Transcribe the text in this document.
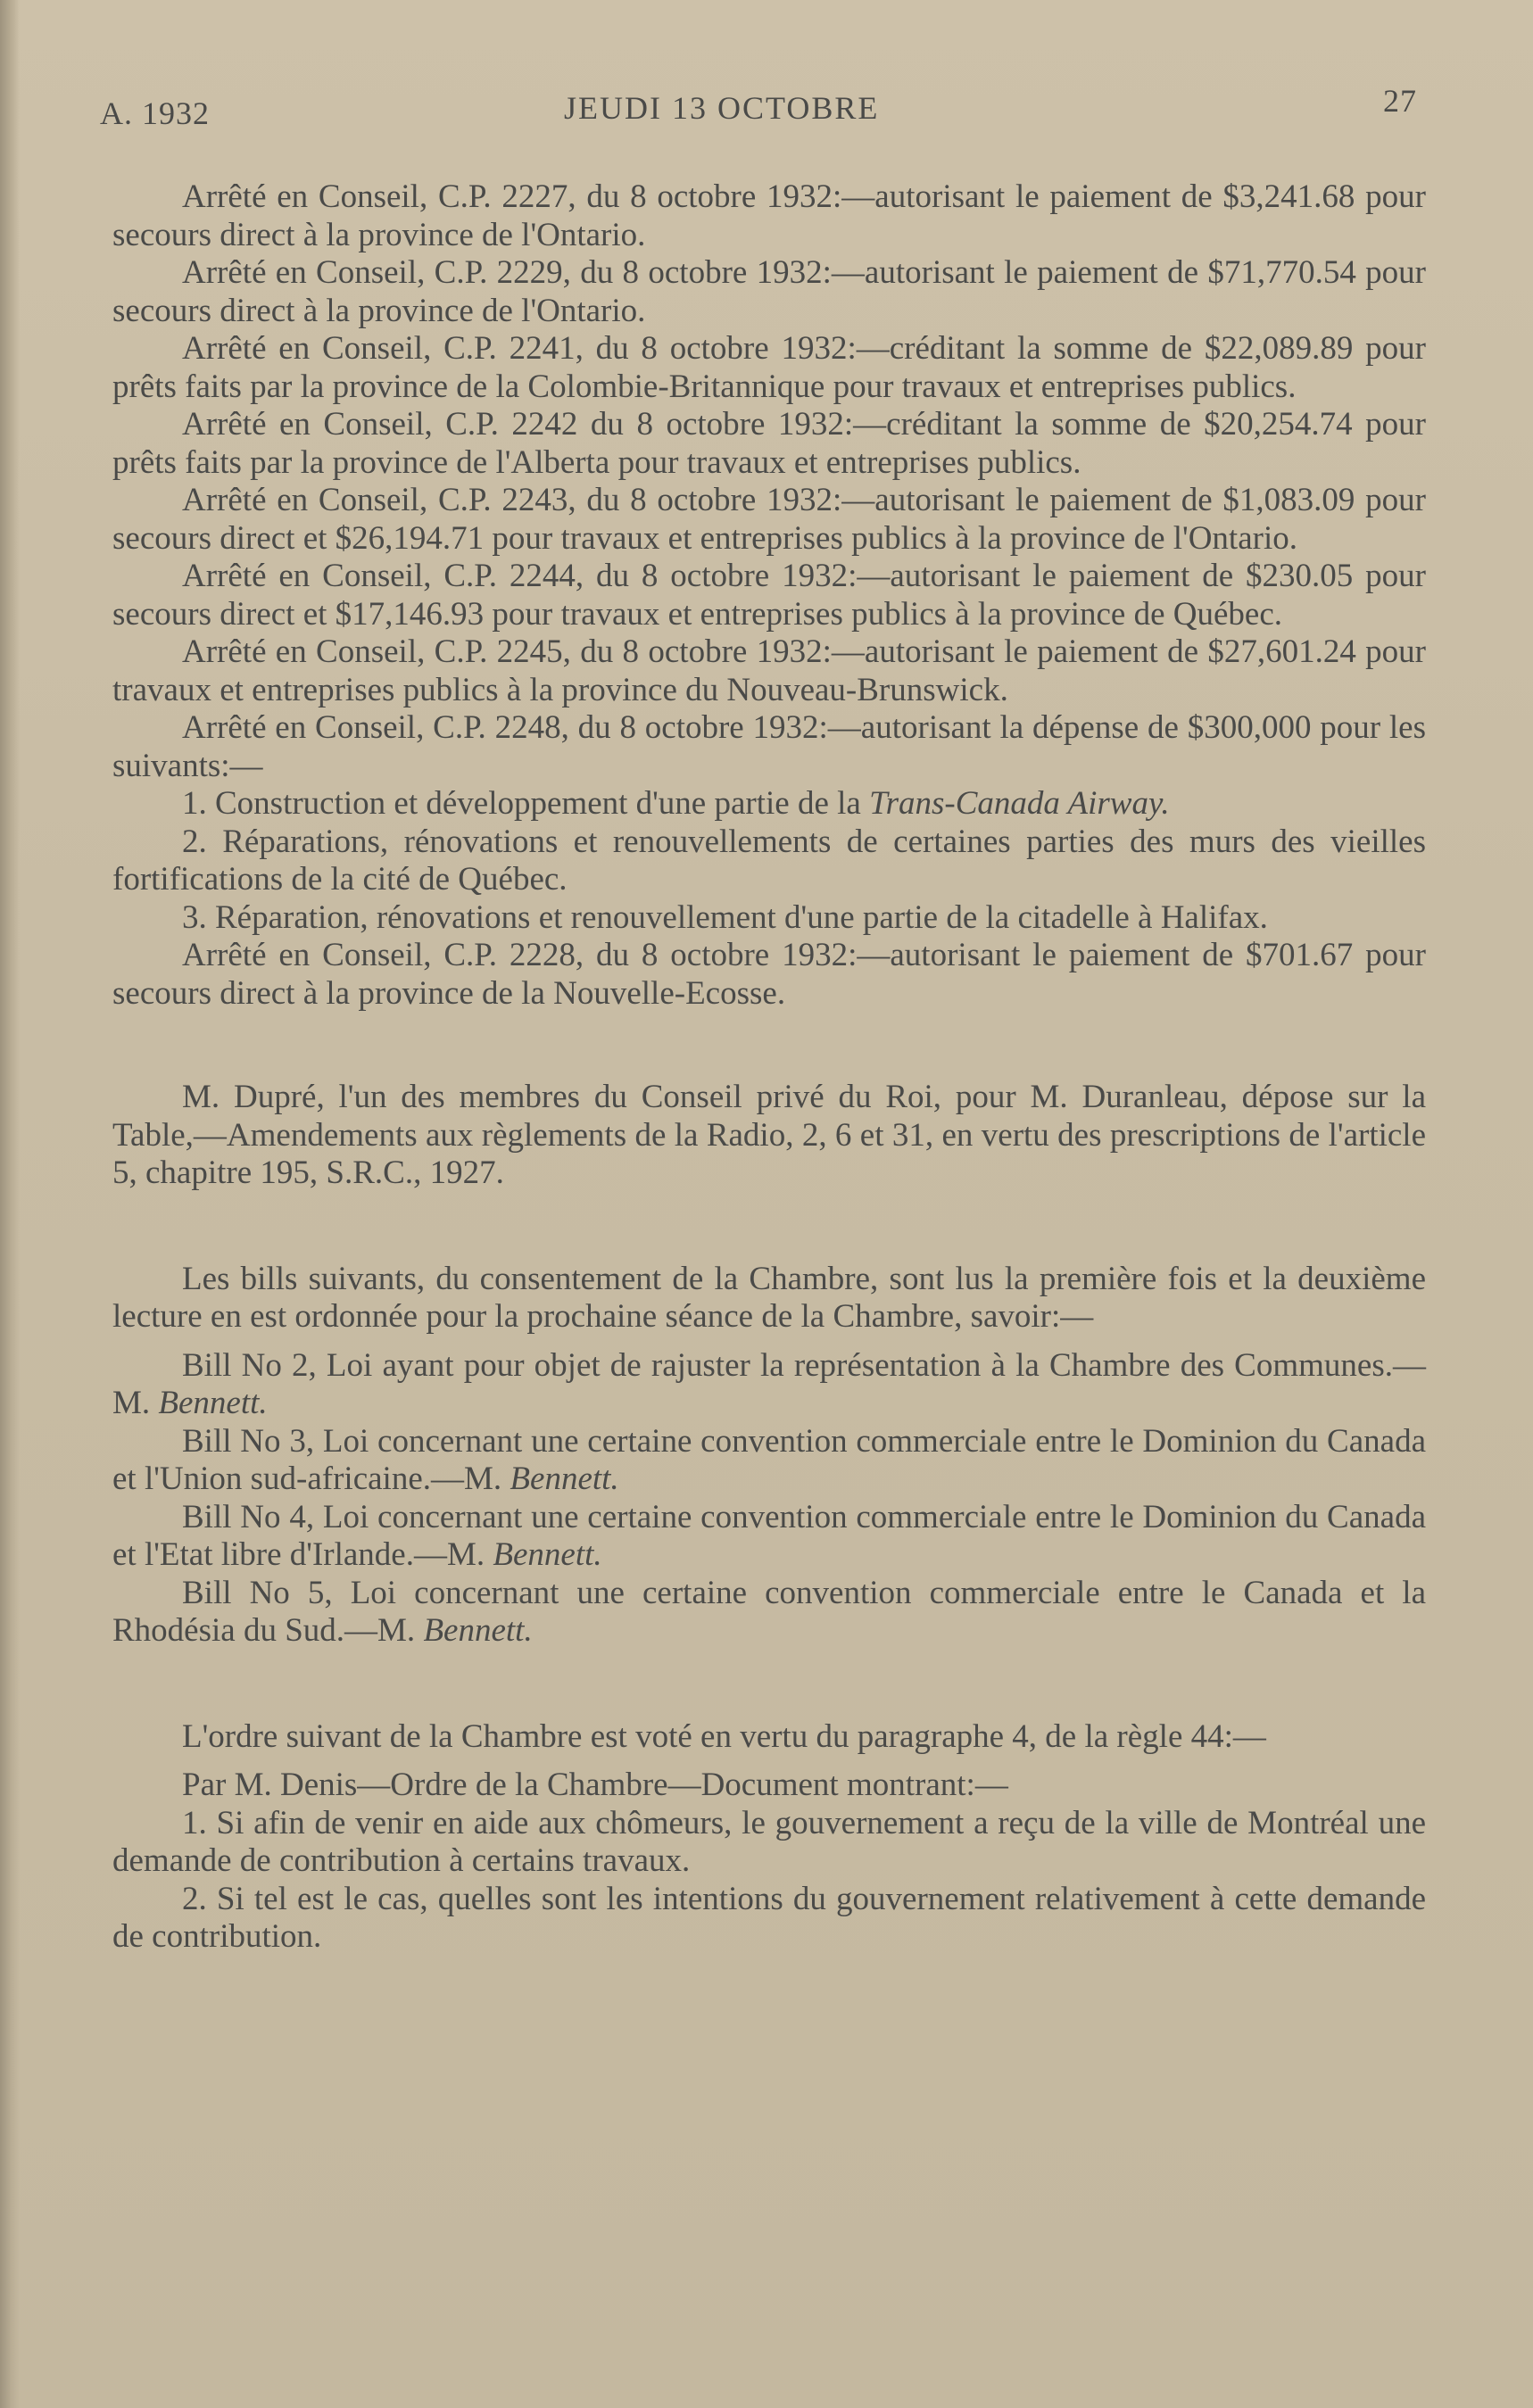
A. 1932	JEUDI 13 OCTOBRE	27

Arrêté en Conseil, C.P. 2227, du 8 octobre 1932:—autorisant le paiement de $3,241.68 pour secours direct à la province de l'Ontario.

Arrêté en Conseil, C.P. 2229, du 8 octobre 1932:—autorisant le paiement de $71,770.54 pour secours direct à la province de l'Ontario.

Arrêté en Conseil, C.P. 2241, du 8 octobre 1932:—créditant la somme de $22,089.89 pour prêts faits par la province de la Colombie-Britannique pour travaux et entreprises publics.

Arrêté en Conseil, C.P. 2242 du 8 octobre 1932:—créditant la somme de $20,254.74 pour prêts faits par la province de l'Alberta pour travaux et entreprises publics.

Arrêté en Conseil, C.P. 2243, du 8 octobre 1932:—autorisant le paiement de $1,083.09 pour secours direct et $26,194.71 pour travaux et entreprises publics à la province de l'Ontario.

Arrêté en Conseil, C.P. 2244, du 8 octobre 1932:—autorisant le paiement de $230.05 pour secours direct et $17,146.93 pour travaux et entreprises publics à la province de Québec.

Arrêté en Conseil, C.P. 2245, du 8 octobre 1932:—autorisant le paiement de $27,601.24 pour travaux et entreprises publics à la province du Nouveau-Brunswick.

Arrêté en Conseil, C.P. 2248, du 8 octobre 1932:—autorisant la dépense de $300,000 pour les suivants:—

1. Construction et développement d'une partie de la Trans-Canada Airway.

2. Réparations, rénovations et renouvellements de certaines parties des murs des vieilles fortifications de la cité de Québec.

3. Réparation, rénovations et renouvellement d'une partie de la citadelle à Halifax.

Arrêté en Conseil, C.P. 2228, du 8 octobre 1932:—autorisant le paiement de $701.67 pour secours direct à la province de la Nouvelle-Ecosse.

M. Dupré, l'un des membres du Conseil privé du Roi, pour M. Duranleau, dépose sur la Table,—Amendements aux règlements de la Radio, 2, 6 et 31, en vertu des prescriptions de l'article 5, chapitre 195, S.R.C., 1927.

Les bills suivants, du consentement de la Chambre, sont lus la première fois et la deuxième lecture en est ordonnée pour la prochaine séance de la Chambre, savoir:—

Bill No 2, Loi ayant pour objet de rajuster la représentation à la Chambre des Communes.—M. Bennett.

Bill No 3, Loi concernant une certaine convention commerciale entre le Dominion du Canada et l'Union sud-africaine.—M. Bennett.

Bill No 4, Loi concernant une certaine convention commerciale entre le Dominion du Canada et l'Etat libre d'Irlande.—M. Bennett.

Bill No 5, Loi concernant une certaine convention commerciale entre le Canada et la Rhodésia du Sud.—M. Bennett.

L'ordre suivant de la Chambre est voté en vertu du paragraphe 4, de la règle 44:—

Par M. Denis—Ordre de la Chambre—Document montrant:—

1. Si afin de venir en aide aux chômeurs, le gouvernement a reçu de la ville de Montréal une demande de contribution à certains travaux.

2. Si tel est le cas, quelles sont les intentions du gouvernement relativement à cette demande de contribution.
